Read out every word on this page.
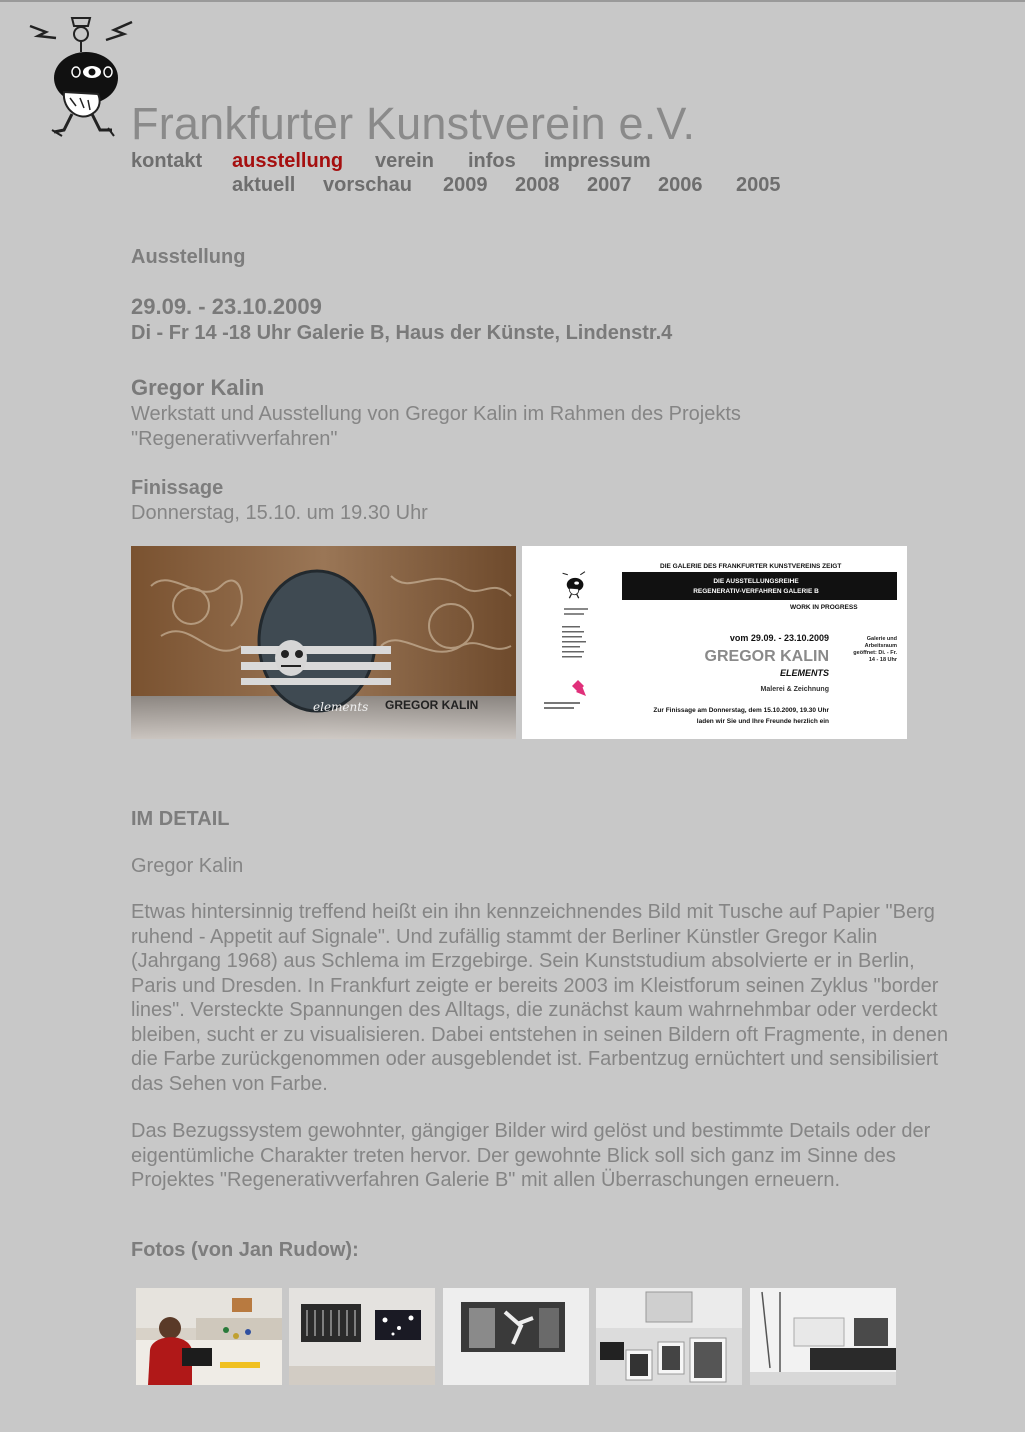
Frankfurter Kunstverein e.V.
kontakt ausstellung verein infos impressum
aktuell vorschau 2009 2008 2007 2006 2005
Ausstellung
29.09. - 23.10.2009
Di - Fr 14 -18 Uhr Galerie B, Haus der Künste, Lindenstr.4
Gregor Kalin
Werkstatt und Ausstellung von Gregor Kalin im Rahmen des Projekts
"Regenerativverfahren"
Finissage
Donnerstag, 15.10. um 19.30 Uhr
elements GREGOR KALIN
DIE GALERIE DES FRANKFURTER KUNSTVEREINS ZEIGT
DIE AUSSTELLUNGSREIHE
REGENERATIV-VERFAHREN GALERIE B
WORK IN PROGRESS
vom 29.09. - 23.10.2009
GREGOR KALIN
ELEMENTS
Malerei & Zeichnung
Galerie und Arbeitsraum geöffnet: Di. - Fr. 14 - 18 Uhr
Zur Finissage am Donnerstag, dem 15.10.2009, 19.30 Uhr
laden wir Sie und Ihre Freunde herzlich ein
IM DETAIL
Gregor Kalin
Etwas hintersinnig treffend heißt ein ihn kennzeichnendes Bild mit Tusche auf Papier "Berg ruhend - Appetit auf Signale". Und zufällig stammt der Berliner Künstler Gregor Kalin (Jahrgang 1968) aus Schlema im Erzgebirge. Sein Kunststudium absolvierte er in Berlin, Paris und Dresden. In Frankfurt zeigte er bereits 2003 im Kleistforum seinen Zyklus "border lines". Versteckte Spannungen des Alltags, die zunächst kaum wahrnehmbar oder verdeckt bleiben, sucht er zu visualisieren. Dabei entstehen in seinen Bildern oft Fragmente, in denen die Farbe zurückgenommen oder ausgeblendet ist. Farbentzug ernüchtert und sensibilisiert das Sehen von Farbe.
Das Bezugssystem gewohnter, gängiger Bilder wird gelöst und bestimmte Details oder der eigentümliche Charakter treten hervor. Der gewohnte Blick soll sich ganz im Sinne des Projektes "Regenerativverfahren Galerie B" mit allen Überraschungen erneuern.
Fotos (von Jan Rudow):
